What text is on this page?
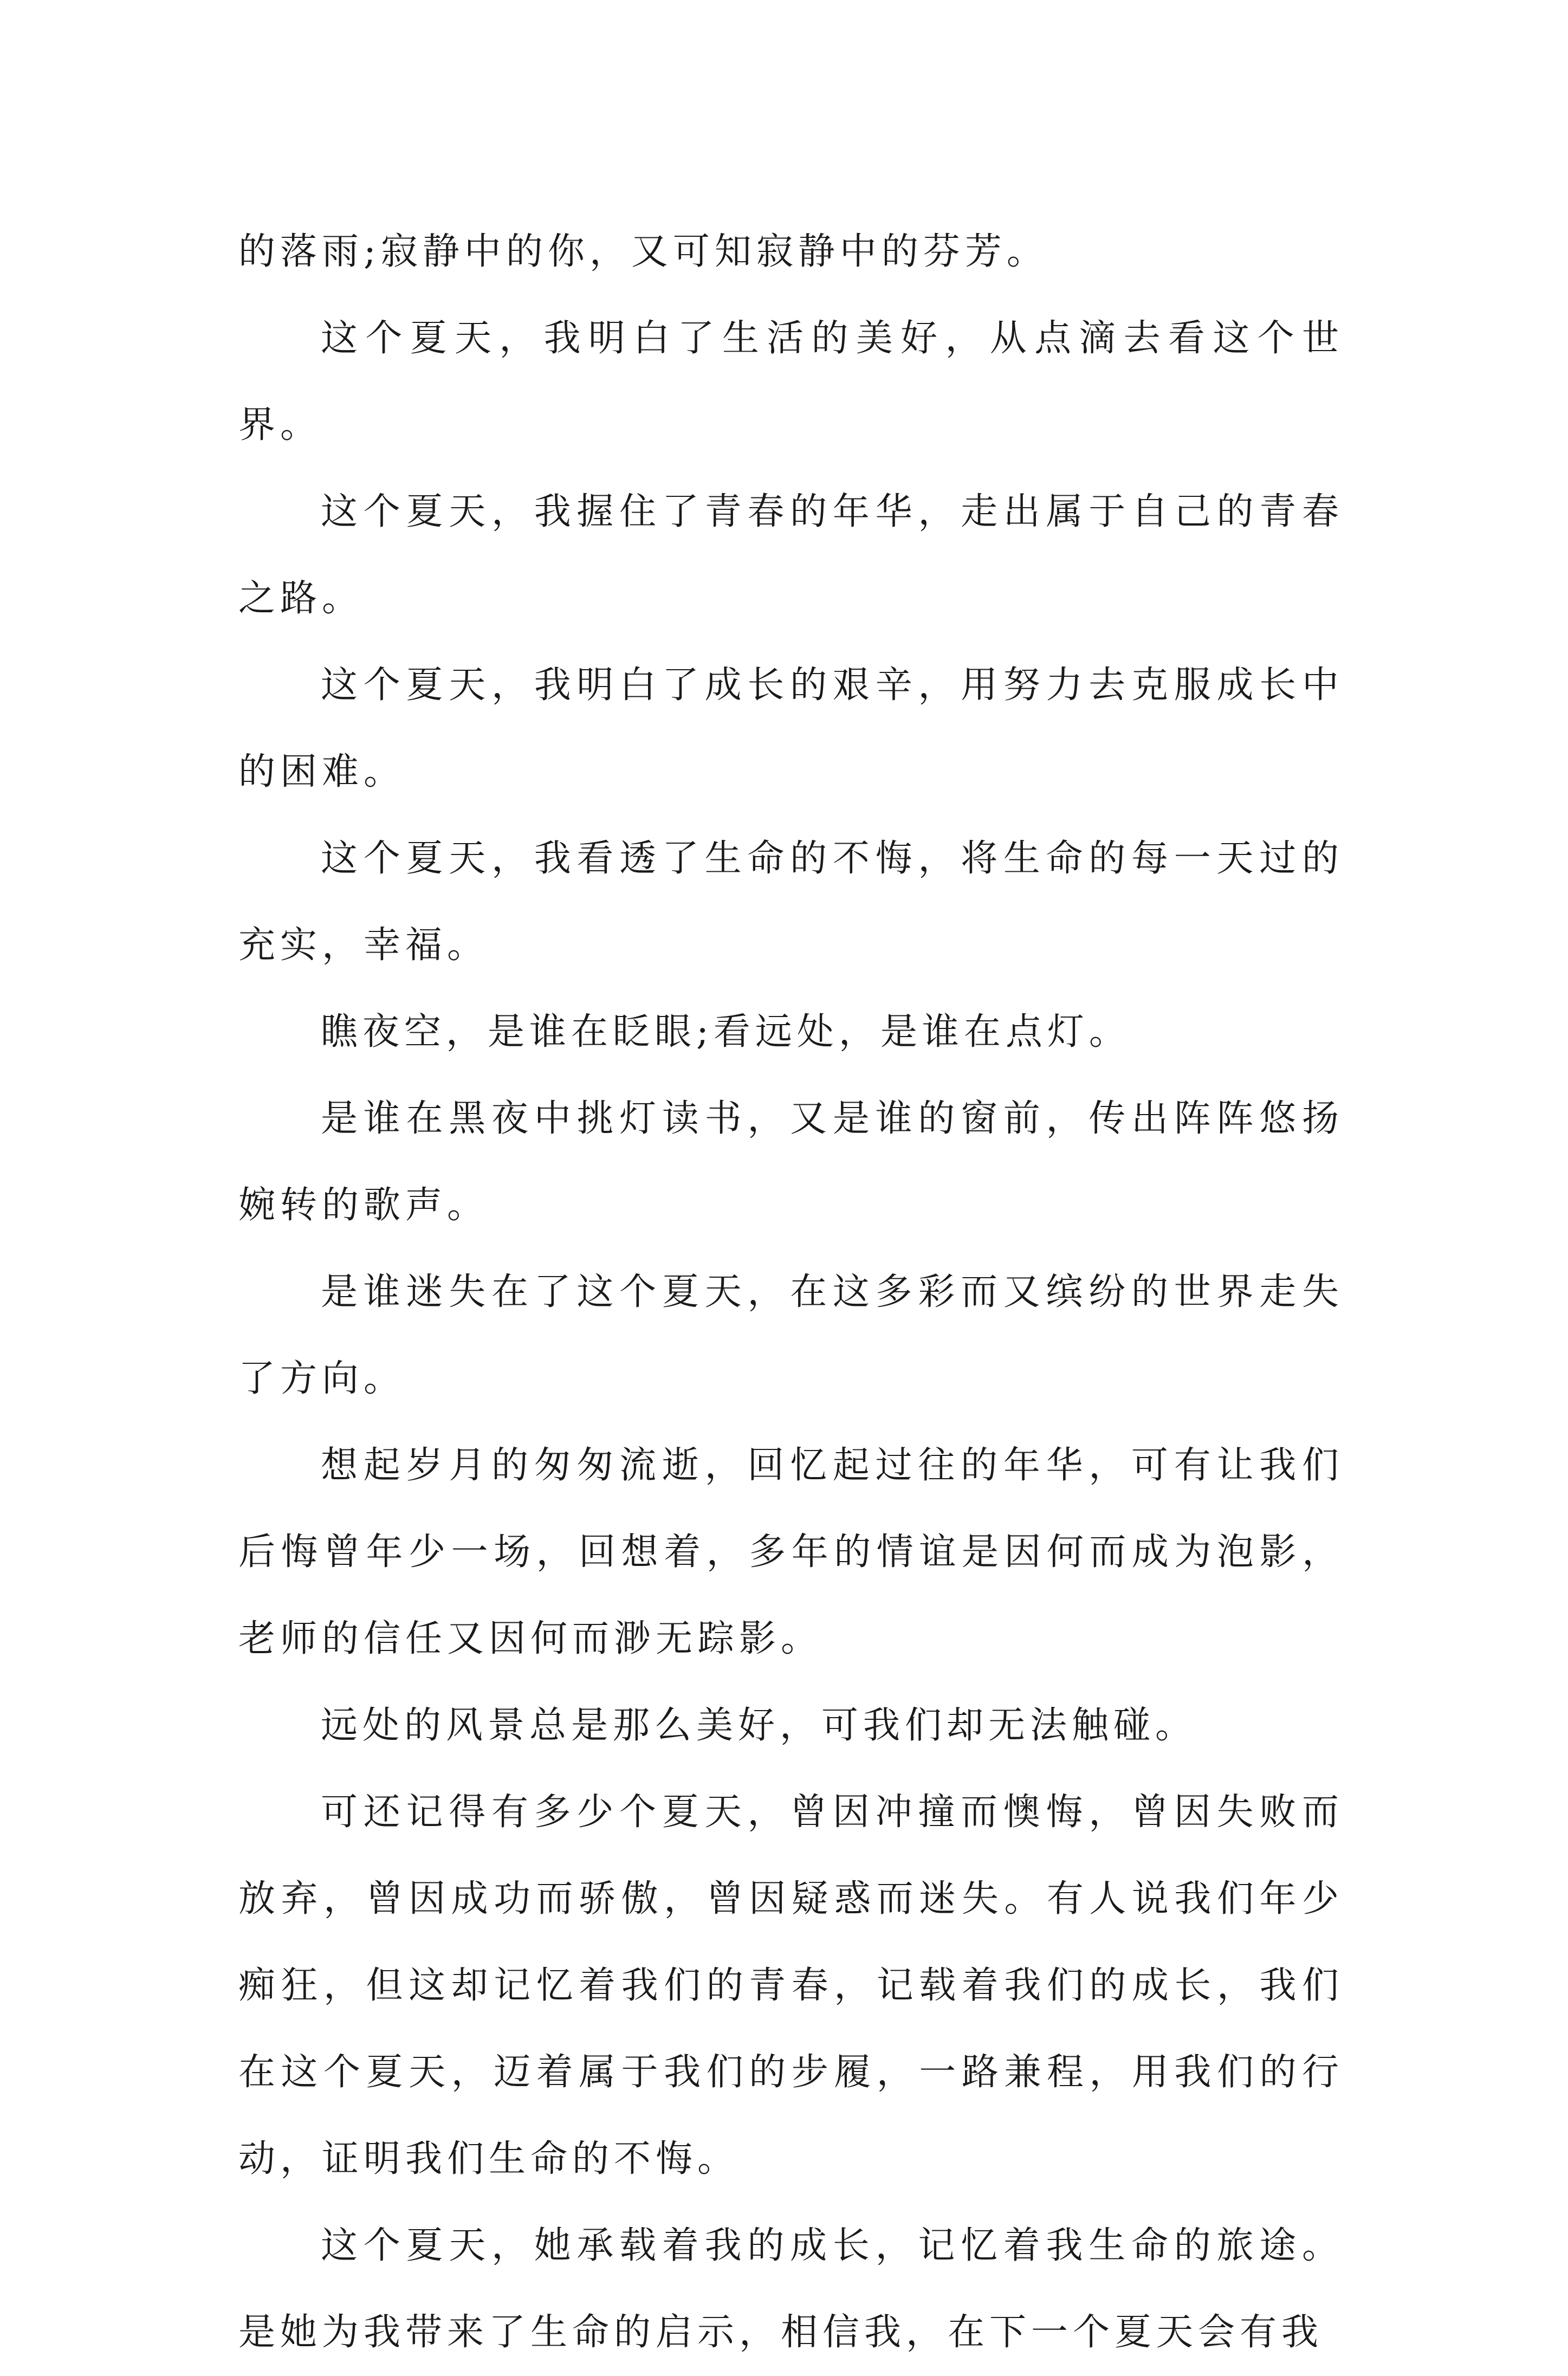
的落雨;寂静中的你，又可知寂静中的芬芳。

这个夏天，我明白了生活的美好，从点滴去看这个世界。

这个夏天，我握住了青春的年华，走出属于自己的青春之路。

这个夏天，我明白了成长的艰辛，用努力去克服成长中的困难。

这个夏天，我看透了生命的不悔，将生命的每一天过的充实，幸福。

瞧夜空，是谁在眨眼;看远处，是谁在点灯。

是谁在黑夜中挑灯读书，又是谁的窗前，传出阵阵悠扬婉转的歌声。

是谁迷失在了这个夏天，在这多彩而又缤纷的世界走失了方向。

想起岁月的匆匆流逝，回忆起过往的年华，可有让我们后悔曾年少一场，回想着，多年的情谊是因何而成为泡影，老师的信任又因何而渺无踪影。

远处的风景总是那么美好，可我们却无法触碰。

可还记得有多少个夏天，曾因冲撞而懊悔，曾因失败而放弃，曾因成功而骄傲，曾因疑惑而迷失。有人说我们年少痴狂，但这却记忆着我们的青春，记载着我们的成长，我们在这个夏天，迈着属于我们的步履，一路兼程，用我们的行动，证明我们生命的不悔。

这个夏天，她承载着我的成长，记忆着我生命的旅途。是她为我带来了生命的启示，相信我，在下一个夏天会有我
